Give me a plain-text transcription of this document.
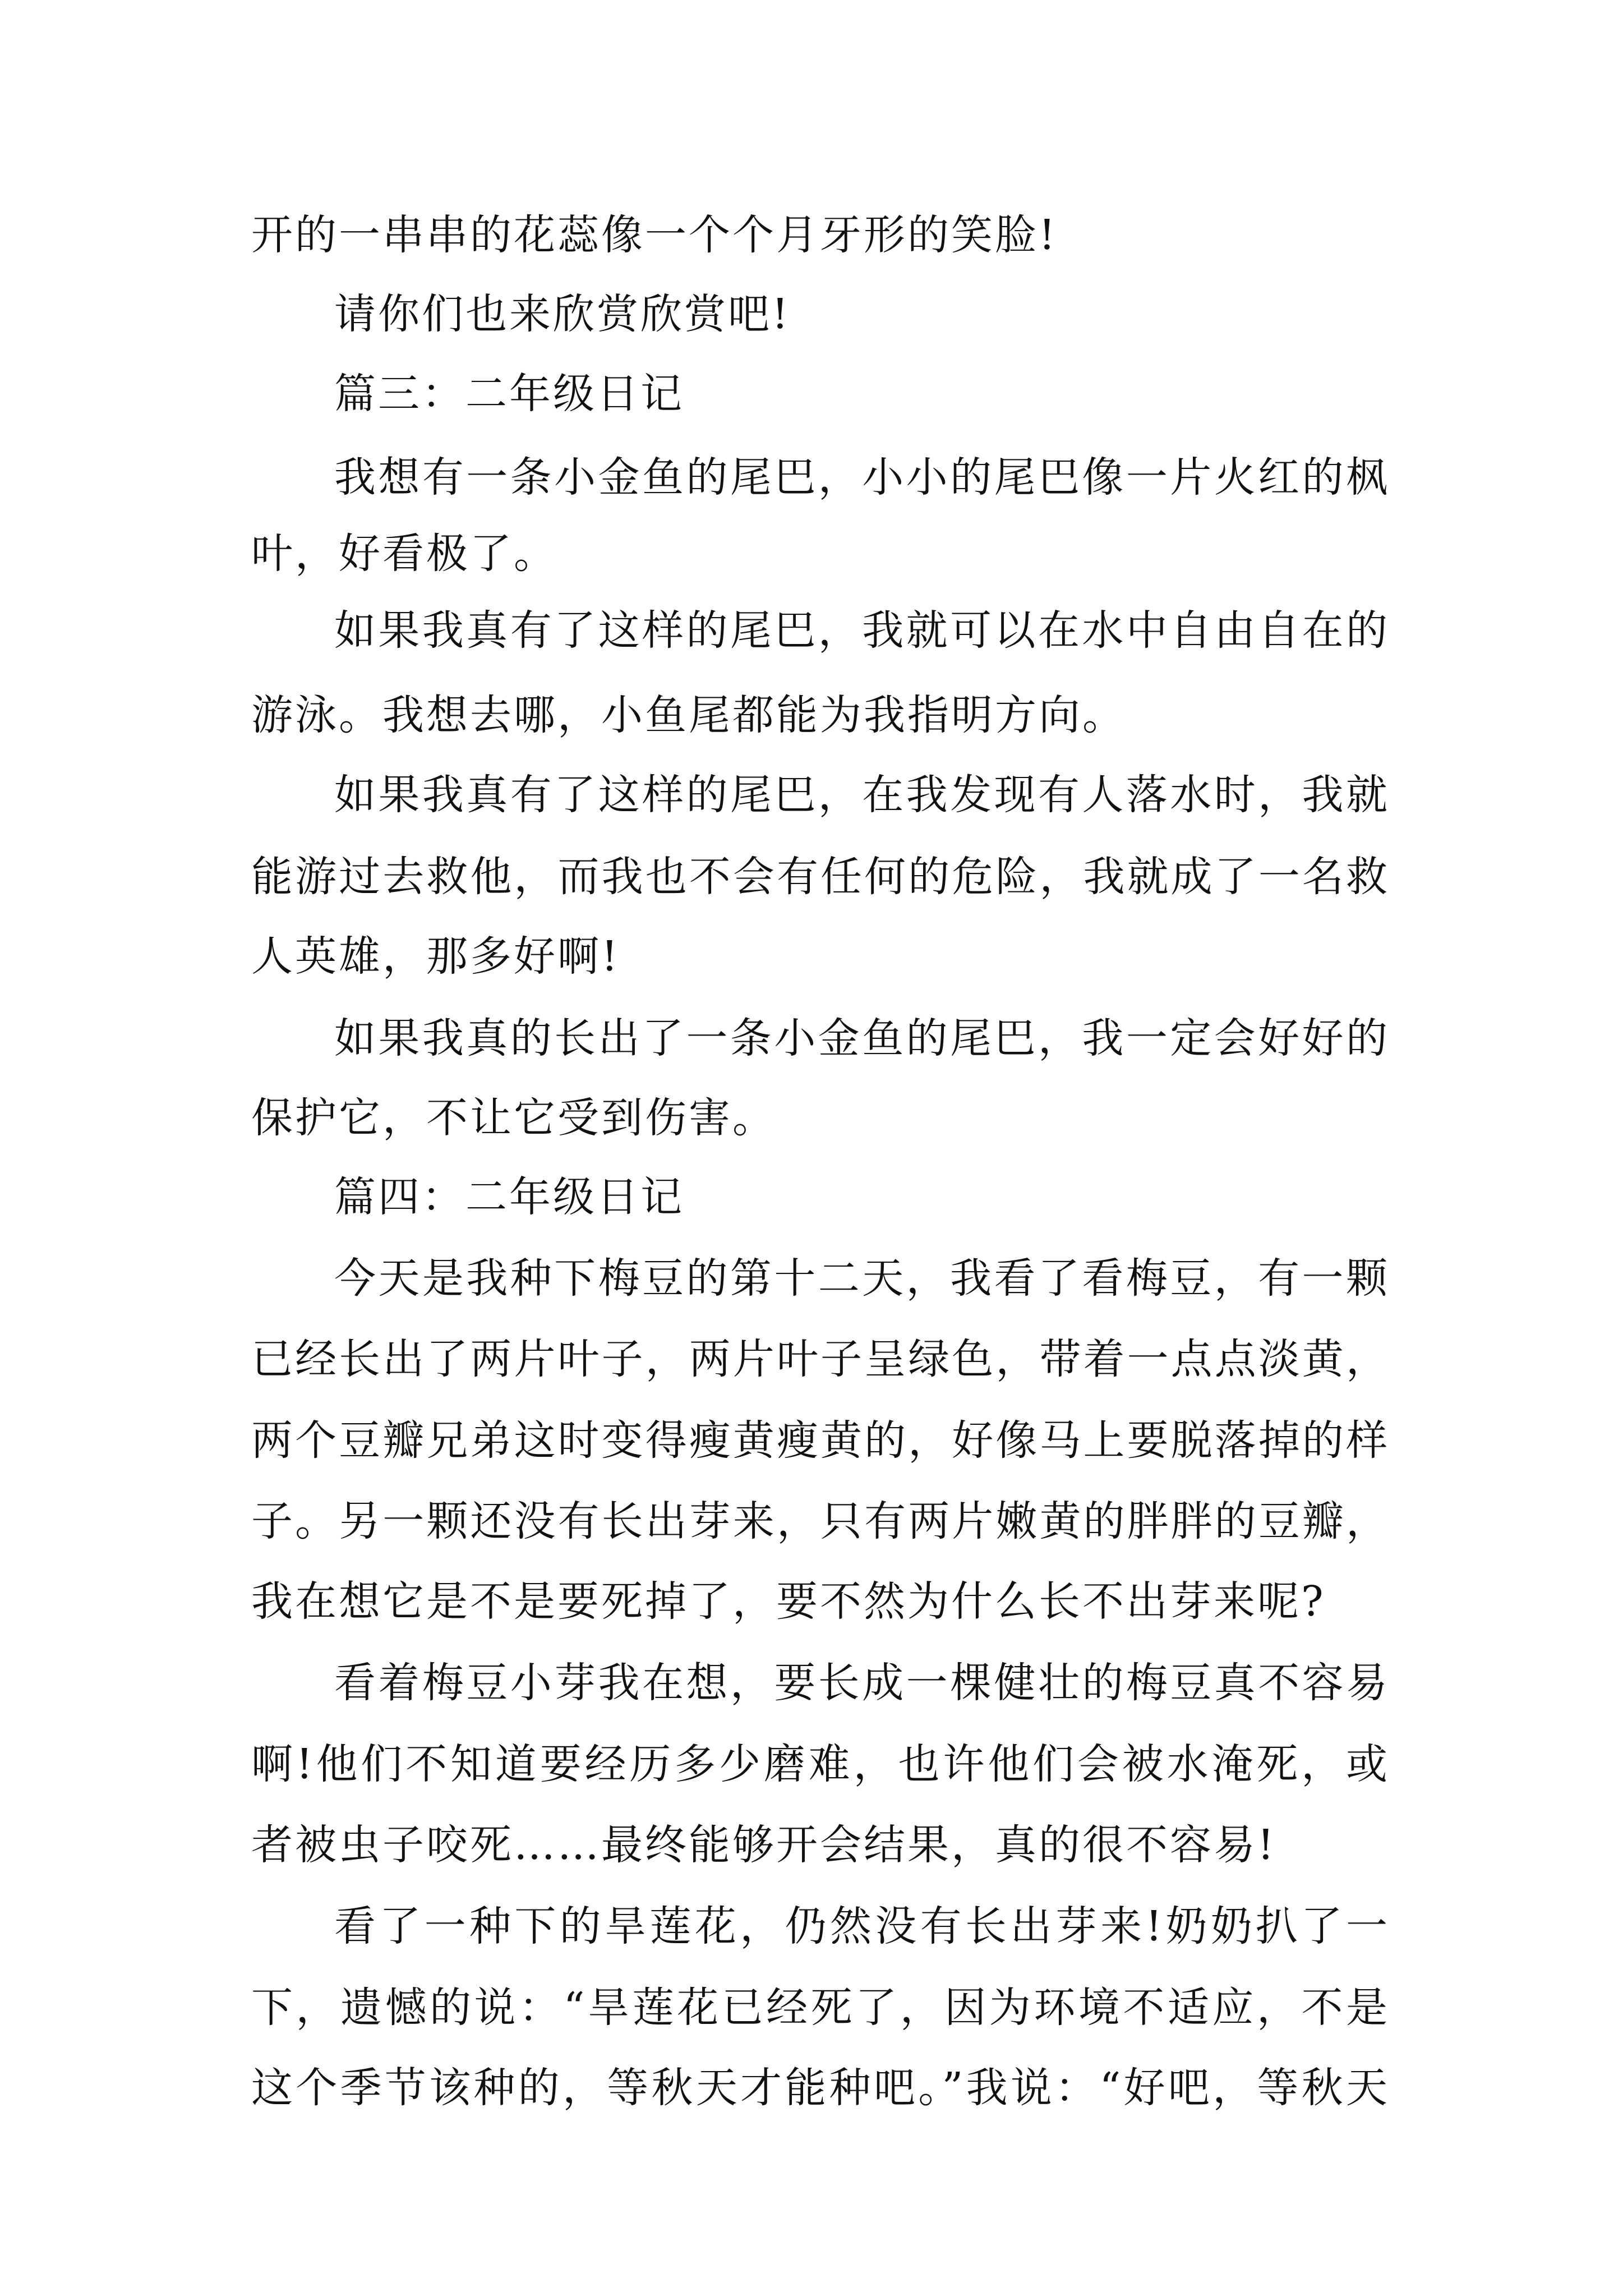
开的一串串的花蕊像一个个月牙形的笑脸!
请你们也来欣赏欣赏吧!
篇三：二年级日记
我想有一条小金鱼的尾巴，小小的尾巴像一片火红的枫
叶，好看极了。
如果我真有了这样的尾巴，我就可以在水中自由自在的
游泳。我想去哪，小鱼尾都能为我指明方向。
如果我真有了这样的尾巴，在我发现有人落水时，我就
能游过去救他，而我也不会有任何的危险，我就成了一名救
人英雄，那多好啊!
如果我真的长出了一条小金鱼的尾巴，我一定会好好的
保护它，不让它受到伤害。
篇四：二年级日记
今天是我种下梅豆的第十二天，我看了看梅豆，有一颗
已经长出了两片叶子，两片叶子呈绿色，带着一点点淡黄，
两个豆瓣兄弟这时变得瘦黄瘦黄的，好像马上要脱落掉的样
子。另一颗还没有长出芽来，只有两片嫩黄的胖胖的豆瓣，
我在想它是不是要死掉了，要不然为什么长不出芽来呢?
看着梅豆小芽我在想，要长成一棵健壮的梅豆真不容易
啊!他们不知道要经历多少磨难，也许他们会被水淹死，或
者被虫子咬死……最终能够开会结果，真的很不容易!
看了一种下的旱莲花，仍然没有长出芽来!奶奶扒了一
下，遗憾的说：“旱莲花已经死了，因为环境不适应，不是
这个季节该种的，等秋天才能种吧。”我说：“好吧，等秋天
